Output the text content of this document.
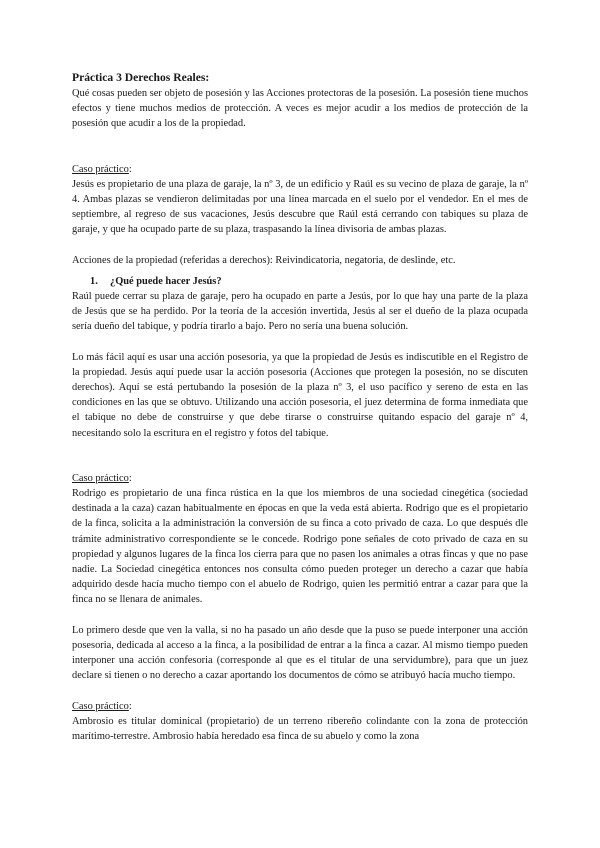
Práctica 3 Derechos Reales:

Qué cosas pueden ser objeto de posesión y las Acciones protectoras de la posesión. La posesión tiene muchos efectos y tiene muchos medios de protección. A veces es mejor acudir a los medios de protección de la posesión que acudir a los de la propiedad.

Caso práctico:

Jesús es propietario de una plaza de garaje, la nº 3, de un edificio y Raúl es su vecino de plaza de garaje, la nº 4. Ambas plazas se vendieron delimitadas por una línea marcada en el suelo por el vendedor. En el mes de septiembre, al regreso de sus vacaciones, Jesús descubre que Raúl está cerrando con tabiques su plaza de garaje, y que ha ocupado parte de su plaza, traspasando la línea divisoria de ambas plazas.

Acciones de la propiedad (referidas a derechos): Reivindicatoria, negatoria, de deslinde, etc.

1. ¿Qué puede hacer Jesús?

Raúl puede cerrar su plaza de garaje, pero ha ocupado en parte a Jesús, por lo que hay una parte de la plaza de Jesús que se ha perdido. Por la teoría de la accesión invertida, Jesús al ser el dueño de la plaza ocupada sería dueño del tabique, y podría tirarlo a bajo. Pero no sería una buena solución.

Lo más fácil aquí es usar una acción posesoria, ya que la propiedad de Jesús es indiscutible en el Registro de la propiedad. Jesús aquí puede usar la acción posesoria (Acciones que protegen la posesión, no se discuten derechos). Aquí se está pertubando la posesión de la plaza nº 3, el uso pacífico y sereno de esta en las condiciones en las que se obtuvo. Utilizando una acción posesoria, el juez determina de forma inmediata que el tabique no debe de construirse y que debe tirarse o construirse quitando espacio del garaje nº 4, necesitando solo la escritura en el registro y fotos del tabique.

Caso práctico:

Rodrigo es propietario de una finca rústica en la que los miembros de una sociedad cinegética (sociedad destinada a la caza) cazan habitualmente en épocas en que la veda está abierta. Rodrigo que es el propietario de la finca, solicita a la administración la conversión de su finca a coto privado de caza. Lo que después dle trámite administrativo correspondiente se le concede. Rodrigo pone señales de coto privado de caza en su propiedad y algunos lugares de la finca los cierra para que no pasen los animales a otras fincas y que no pase nadie. La Sociedad cinegética entonces nos consulta cómo pueden proteger un derecho a cazar que había adquirido desde hacía mucho tiempo con el abuelo de Rodrigo, quien les permitió entrar a cazar para que la finca no se llenara de animales.

Lo primero desde que ven la valla, si no ha pasado un año desde que la puso se puede interponer una acción posesoria, dedicada al acceso a la finca, a la posibilidad de entrar a la finca a cazar. Al mismo tiempo pueden interponer una acción confesoria (corresponde al que es el titular de una servidumbre), para que un juez declare si tienen o no derecho a cazar aportando los documentos de cómo se atribuyó hacía mucho tiempo.

Caso práctico:

Ambrosio es titular dominical (propietario) de un terreno ribereño colindante con la zona de protección marítimo-terrestre. Ambrosio había heredado esa finca de su abuelo y como la zona
